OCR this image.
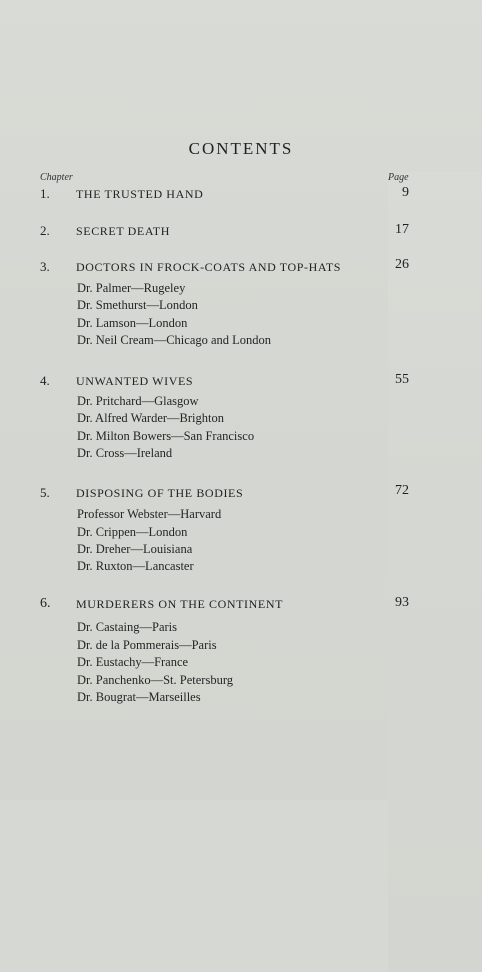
CONTENTS
Chapter	Page
1.	THE TRUSTED HAND	9
2.	SECRET DEATH	17
3.	DOCTORS IN FROCK-COATS AND TOP-HATS	26
Dr. Palmer—Rugeley
Dr. Smethurst—London
Dr. Lamson—London
Dr. Neil Cream—Chicago and London
4.	UNWANTED WIVES	55
Dr. Pritchard—Glasgow
Dr. Alfred Warder—Brighton
Dr. Milton Bowers—San Francisco
Dr. Cross—Ireland
5.	DISPOSING OF THE BODIES	72
Professor Webster—Harvard
Dr. Crippen—London
Dr. Dreher—Louisiana
Dr. Ruxton—Lancaster
6.	MURDERERS ON THE CONTINENT	93
Dr. Castaing—Paris
Dr. de la Pommerais—Paris
Dr. Eustachy—France
Dr. Panchenko—St. Petersburg
Dr. Bougrat—Marseilles
